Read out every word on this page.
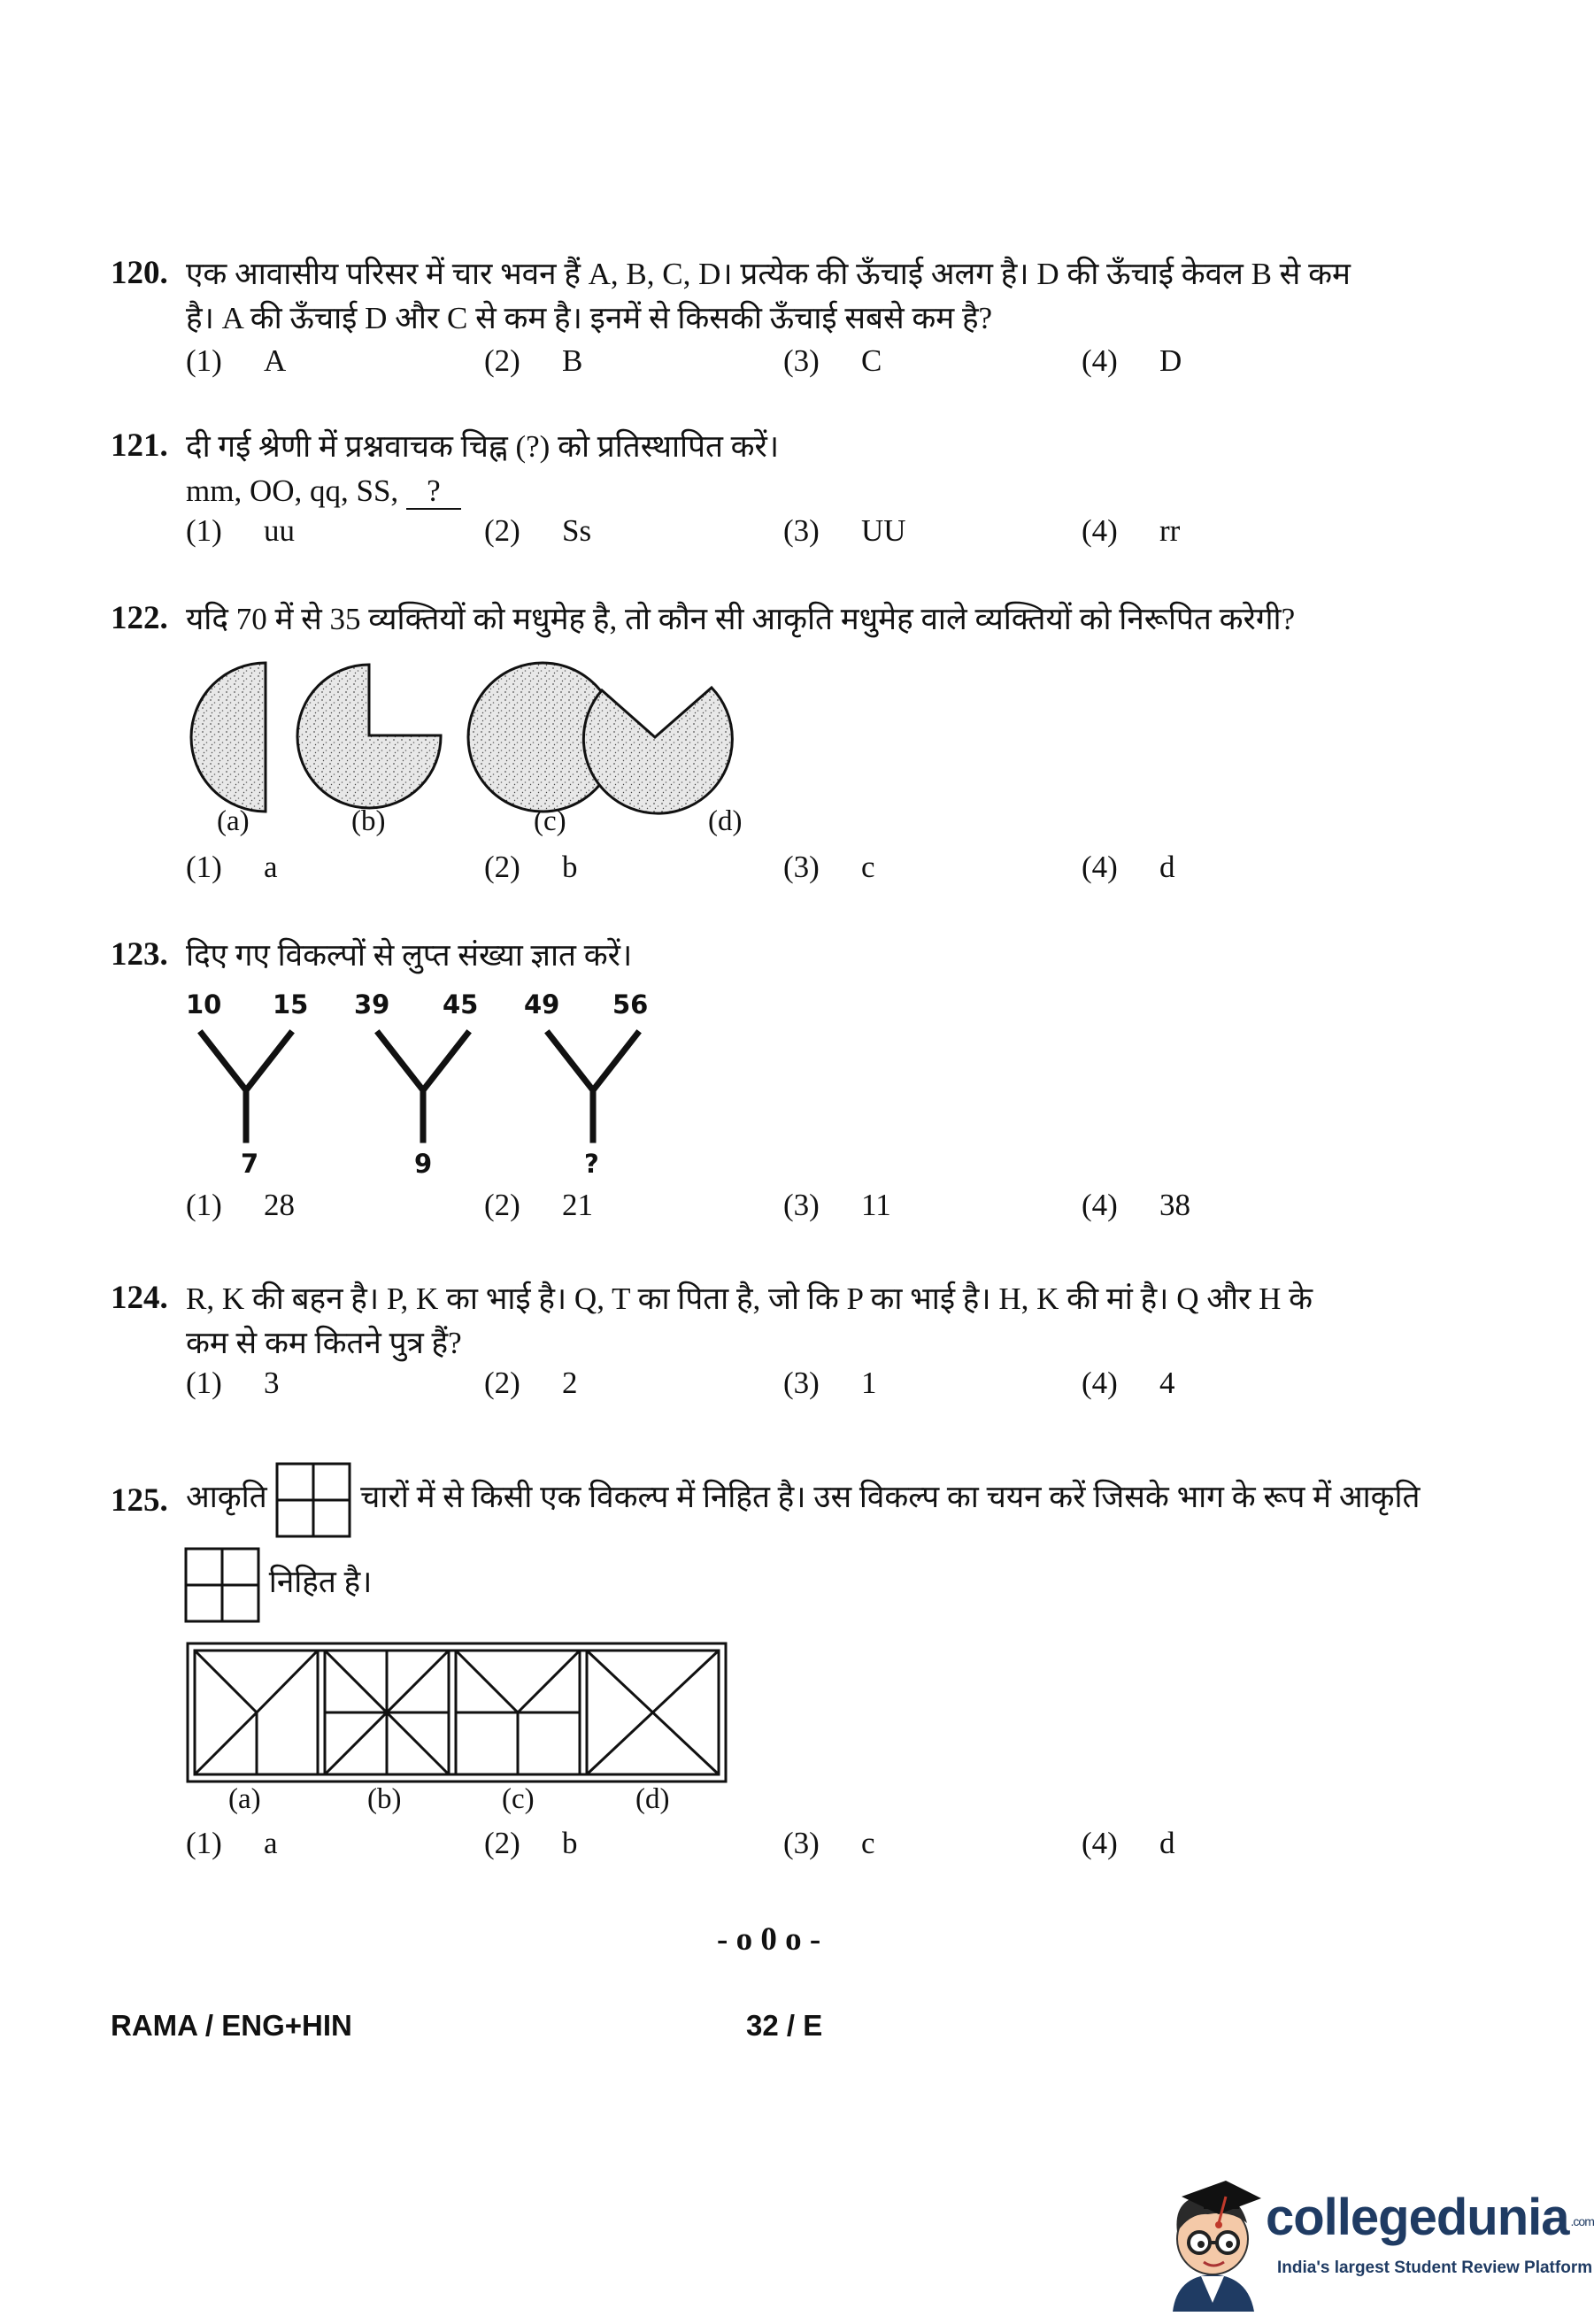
120. एक आवासीय परिसर में चार भवन हैं A, B, C, D। प्रत्येक की ऊँचाई अलग है। D की ऊँचाई केवल B से कम
है। A की ऊँचाई D और C से कम है। इनमें से किसकी ऊँचाई सबसे कम है?
(1) A	(2) B	(3) C	(4) D
121. दी गई श्रेणी में प्रश्नवाचक चिह्न (?) को प्रतिस्थापित करें।
mm, OO, qq, SS, ?
(1) uu	(2) Ss	(3) UU	(4) rr
122. यदि 70 में से 35 व्यक्तियों को मधुमेह है, तो कौन सी आकृति मधुमेह वाले व्यक्तियों को निरूपित करेगी?
(a)	(b)	(c)	(d)
(1) a	(2) b	(3) c	(4) d
123. दिए गए विकल्पों से लुप्त संख्या ज्ञात करें।
10 15
7
39 45
9
49 56
?
(1) 28	(2) 21	(3) 11	(4) 38
124. R, K की बहन है। P, K का भाई है। Q, T का पिता है, जो कि P का भाई है। H, K की मां है। Q और H के
कम से कम कितने पुत्र हैं?
(1) 3	(2) 2	(3) 1	(4) 4
125. आकृति	चारों में से किसी एक विकल्प में निहित है। उस विकल्प का चयन करें जिसके भाग के रूप में आकृति
निहित है।
(a)	(b)	(c)	(d)
(1) a	(2) b	(3) c	(4) d
- o 0 o -
RAMA / ENG+HIN	32 / E
collegedunia .com
India's largest Student Review Platform
